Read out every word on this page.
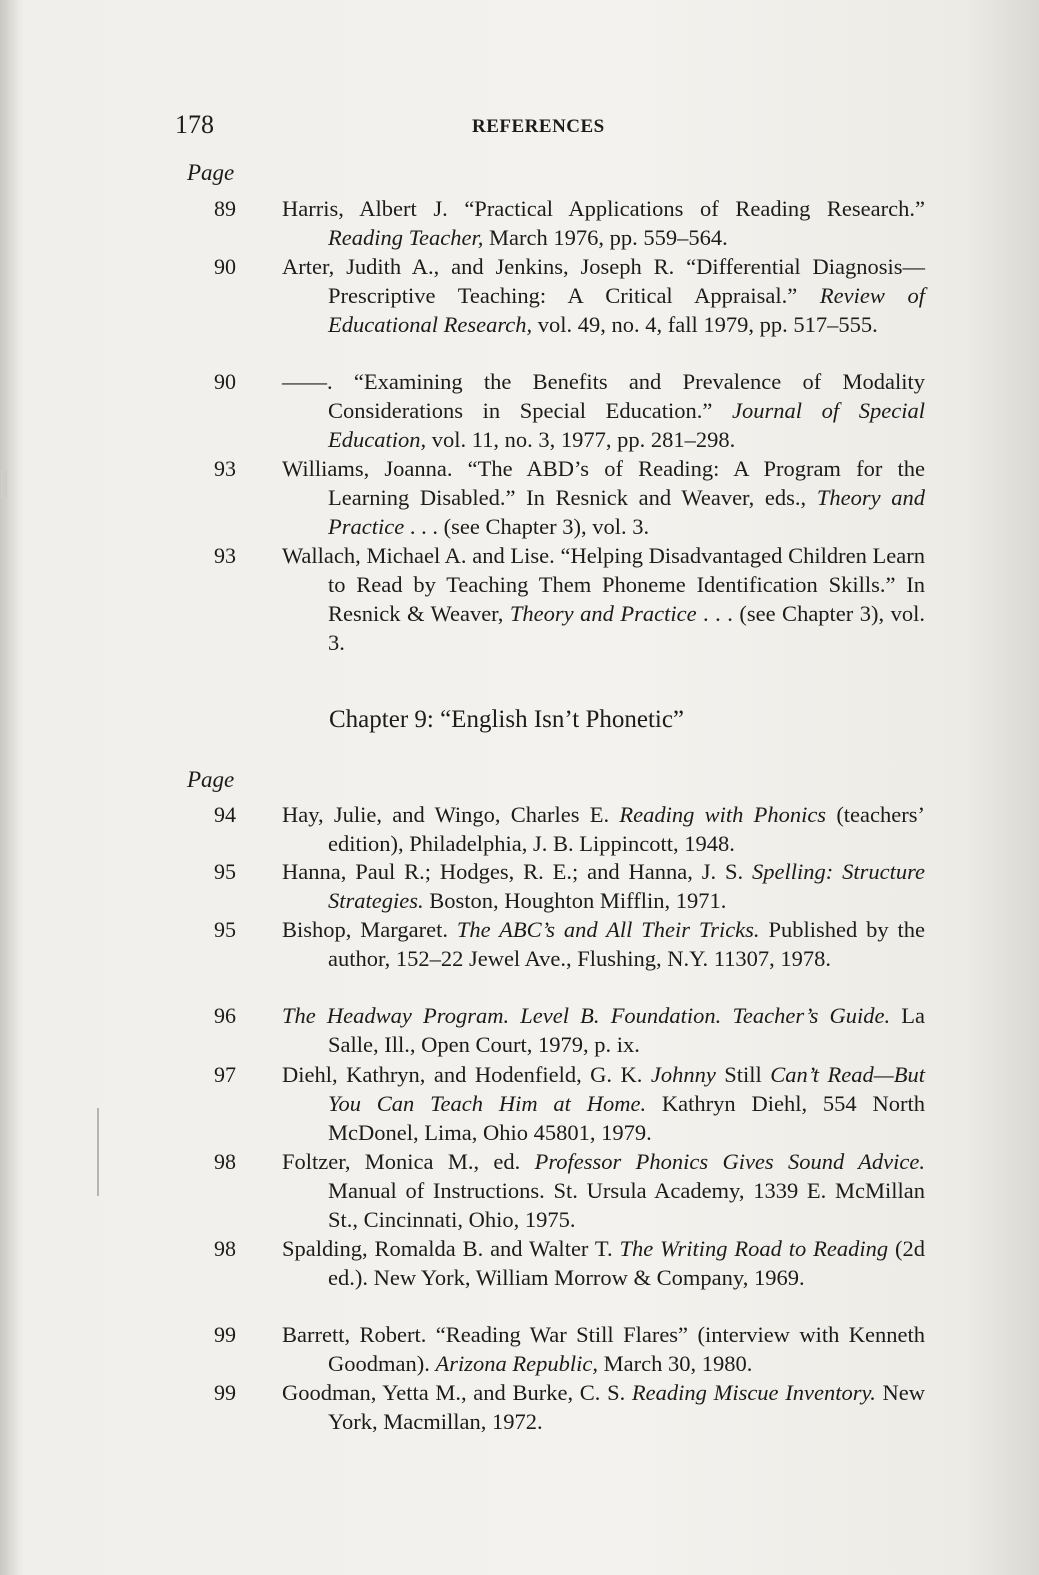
178	REFERENCES
Page
89 Harris, Albert J. “Practical Applications of Reading Research.” Reading Teacher, March 1976, pp. 559–564.
90 Arter, Judith A., and Jenkins, Joseph R. “Differential Diagnosis—Prescriptive Teaching: A Critical Appraisal.” Review of Educational Research, vol. 49, no. 4, fall 1979, pp. 517–555.
90 ——. “Examining the Benefits and Prevalence of Modality Considerations in Special Education.” Journal of Special Education, vol. 11, no. 3, 1977, pp. 281–298.
93 Williams, Joanna. “The ABD’s of Reading: A Program for the Learning Disabled.” In Resnick and Weaver, eds., Theory and Practice . . . (see Chapter 3), vol. 3.
93 Wallach, Michael A. and Lise. “Helping Disadvantaged Children Learn to Read by Teaching Them Phoneme Identification Skills.” In Resnick & Weaver, Theory and Practice . . . (see Chapter 3), vol. 3.
Chapter 9: “English Isn’t Phonetic”
Page
94 Hay, Julie, and Wingo, Charles E. Reading with Phonics (teachers’ edition), Philadelphia, J. B. Lippincott, 1948.
95 Hanna, Paul R.; Hodges, R. E.; and Hanna, J. S. Spelling: Structure Strategies. Boston, Houghton Mifflin, 1971.
95 Bishop, Margaret. The ABC’s and All Their Tricks. Published by the author, 152–22 Jewel Ave., Flushing, N.Y. 11307, 1978.
96 The Headway Program. Level B. Foundation. Teacher’s Guide. La Salle, Ill., Open Court, 1979, p. ix.
97 Diehl, Kathryn, and Hodenfield, G. K. Johnny Still Can’t Read—But You Can Teach Him at Home. Kathryn Diehl, 554 North McDonel, Lima, Ohio 45801, 1979.
98 Foltzer, Monica M., ed. Professor Phonics Gives Sound Advice. Manual of Instructions. St. Ursula Academy, 1339 E. McMillan St., Cincinnati, Ohio, 1975.
98 Spalding, Romalda B. and Walter T. The Writing Road to Reading (2d ed.). New York, William Morrow & Company, 1969.
99 Barrett, Robert. “Reading War Still Flares” (interview with Kenneth Goodman). Arizona Republic, March 30, 1980.
99 Goodman, Yetta M., and Burke, C. S. Reading Miscue Inventory. New York, Macmillan, 1972.
